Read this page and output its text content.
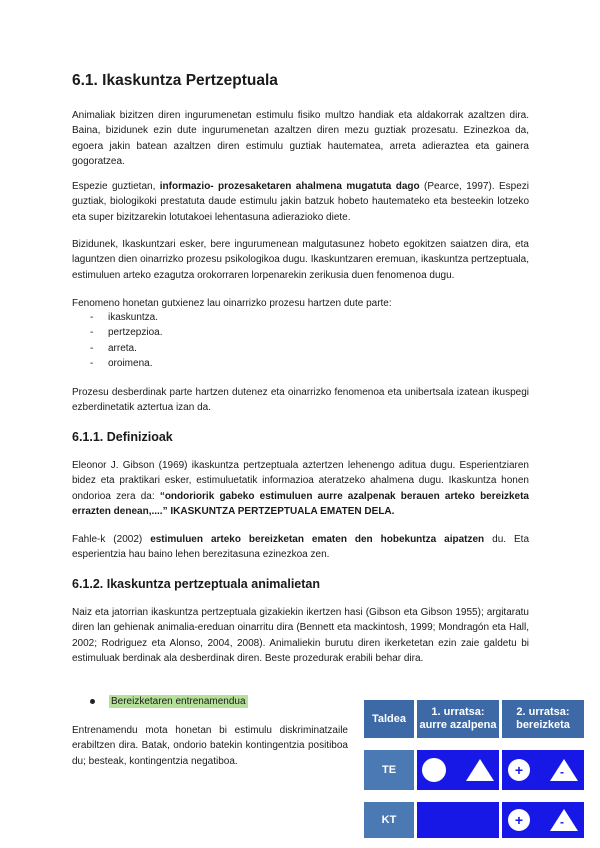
6.1. Ikaskuntza Pertzeptuala

Animaliak bizitzen diren ingurumenetan estimulu fisiko multzo handiak eta aldakorrak azaltzen dira. Baina, bizidunek ezin dute ingurumenetan azaltzen diren mezu guztiak prozesatu. Ezinezkoa da, egoera jakin batean azaltzen diren estimulu guztiak hautematea, arreta adieraztea eta gainera gogoratzea.

Espezie guztietan, informazio- prozesaketaren ahalmena mugatuta dago (Pearce, 1997). Espezi guztiak, biologikoki prestatuta daude estimulu jakin batzuk hobeto hautemateko eta besteekin lotzeko eta super bizitzarekin lotutakoei lehentasuna adierazioko diete.

Bizidunek, Ikaskuntzari esker, bere ingurumenean malgutasunez hobeto egokitzen saiatzen dira, eta laguntzen dien oinarrizko prozesu psikologikoa dugu. Ikaskuntzaren eremuan, ikaskuntza pertzeptuala, estimuluen arteko ezagutza orokorraren lorpenarekin zerikusia duen fenomenoa dugu.

Fenomeno honetan gutxienez lau oinarrizko prozesu hartzen dute parte:

-	ikaskuntza.
-	pertzepzioa.
-	arreta.
-	oroimena.

Prozesu desberdinak parte hartzen dutenez eta oinarrizko fenomenoa eta unibertsala izatean ikuspegi ezberdinetatik aztertua izan da.

6.1.1. Definizioak

Eleonor J. Gibson (1969) ikaskuntza pertzeptuala aztertzen lehenengo aditua dugu. Esperientziaren bidez eta praktikari esker, estimuluetatik informazioa ateratzeko ahalmena dugu. Ikaskuntza honen ondorioa zera da: “ondoriorik gabeko estimuluen aurre azalpenak berauen arteko bereizketa errazten denean,....” IKASKUNTZA PERTZEPTUALA EMATEN DELA.

Fahle-k (2002) estimuluen arteko bereizketan ematen den hobekuntza aipatzen du. Eta esperientzia hau baino lehen berezitasuna ezinezkoa zen.

6.1.2. Ikaskuntza pertzeptuala animalietan

Naiz eta jatorrian ikaskuntza pertzeptuala gizakiekin ikertzen hasi (Gibson eta Gibson 1955); argitaratu diren lan gehienak animalia-ereduan oinarritu dira (Bennett eta mackintosh, 1999; Mondragón eta Hall, 2002; Rodriguez eta Alonso, 2004, 2008). Animaliekin burutu diren ikerketetan ezin zaie galdetu bi estimuluak berdinak ala desberdinak diren. Beste prozedurak erabili behar dira.

Bereizketaren entrenamendua

Entrenamendu mota honetan bi estimulu diskriminatzaile erabiltzen dira. Batak, ondorio batekin kontingentzia positiboa du; besteak, kontingentzia negatiboa.

Taldea	1. urratsa: aurre azalpena	2. urratsa: bereizketa

TE		+ -

KT		+ -
